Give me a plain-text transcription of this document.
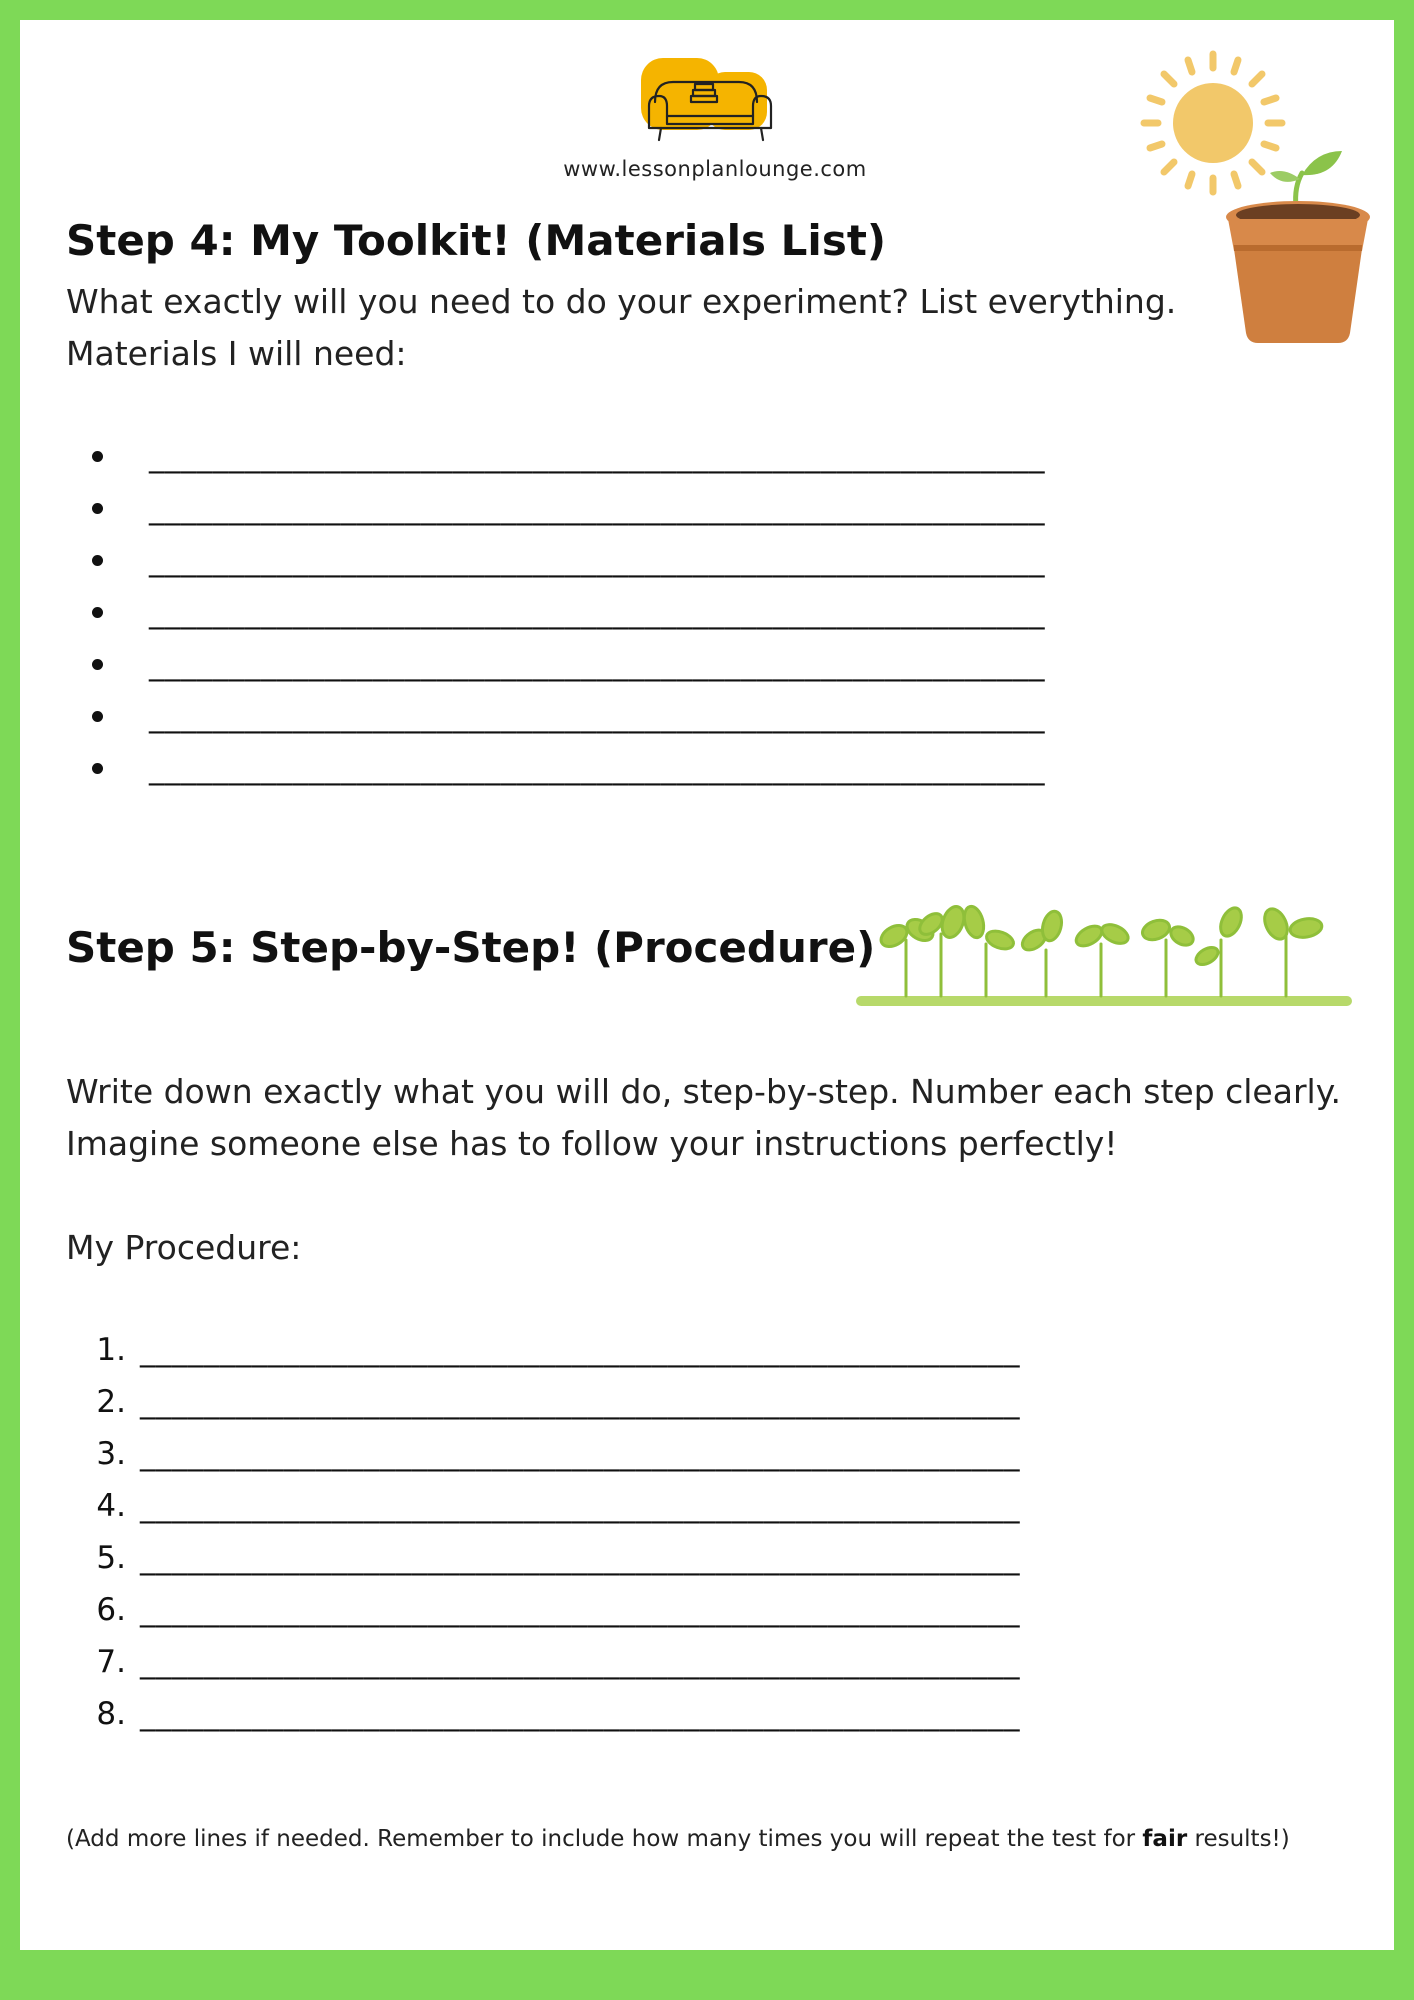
www.lessonplanlounge.com
Step 4: My Toolkit! (Materials List)

What exactly will you need to do your experiment? List everything.

Materials I will need:

________________________________________________________
________________________________________________________
________________________________________________________
________________________________________________________
________________________________________________________
________________________________________________________
________________________________________________________
Step 5: Step-by-Step! (Procedure)

Write down exactly what you will do, step-by-step. Number each step clearly. Imagine someone else has to follow your instructions perfectly!

My Procedure:

1. _______________________________________________________
2. _______________________________________________________
3. _______________________________________________________
4. _______________________________________________________
5. _______________________________________________________
6. _______________________________________________________
7. _______________________________________________________
8. _______________________________________________________

(Add more lines if needed. Remember to include how many times you will repeat the test for fair results!)
